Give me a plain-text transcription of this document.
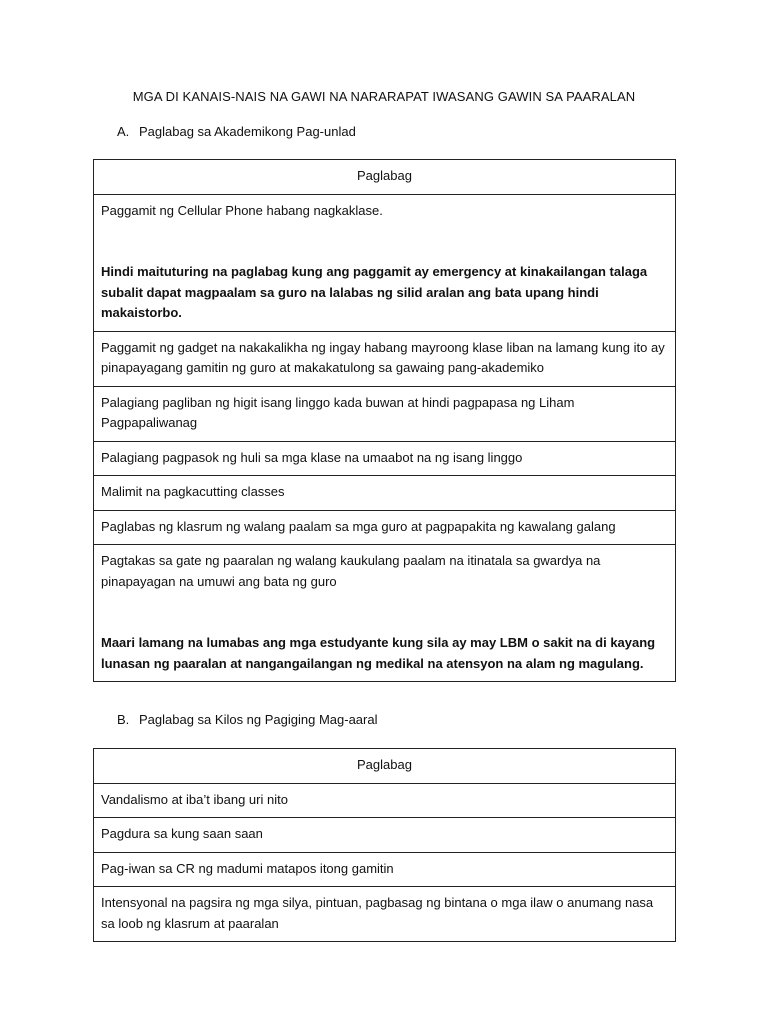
MGA DI KANAIS-NAIS NA GAWI NA NARARAPAT IWASANG GAWIN SA PAARALAN
A. Paglabag sa Akademikong Pag-unlad
Paglabag

Paggamit ng Cellular Phone habang nagkaklase.
Hindi maituturing na paglabag kung ang paggamit ay emergency at kinakailangan talaga subalit dapat magpaalam sa guro na lalabas ng silid aralan ang bata upang hindi makaistorbo.

Paggamit ng gadget na nakakalikha ng ingay habang mayroong klase liban na lamang kung ito ay pinapayagang gamitin ng guro at makakatulong sa gawaing pang-akademiko
Palagiang pagliban ng higit isang linggo kada buwan at hindi pagpapasa ng Liham Pagpapaliwanag
Palagiang pagpasok ng huli sa mga klase na umaabot na ng isang linggo
Malimit na pagkacutting classes
Paglabas ng klasrum ng walang paalam sa mga guro at pagpapakita ng kawalang galang

Pagtakas sa gate ng paaralan ng walang kaukulang paalam na itinatala sa gwardya na pinapayagan na umuwi ang bata ng guro
Maari lamang na lumabas ang mga estudyante kung sila ay may LBM o sakit na di kayang lunasan ng paaralan at nangangailangan ng medikal na atensyon na alam ng magulang.
B. Paglabag sa Kilos ng Pagiging Mag-aaral
Paglabag
Vandalismo at iba’t ibang uri nito
Pagdura sa kung saan saan
Pag-iwan sa CR ng madumi matapos itong gamitin
Intensyonal na pagsira ng mga silya, pintuan, pagbasag ng bintana o mga ilaw o anumang nasa sa loob ng klasrum at paaralan
